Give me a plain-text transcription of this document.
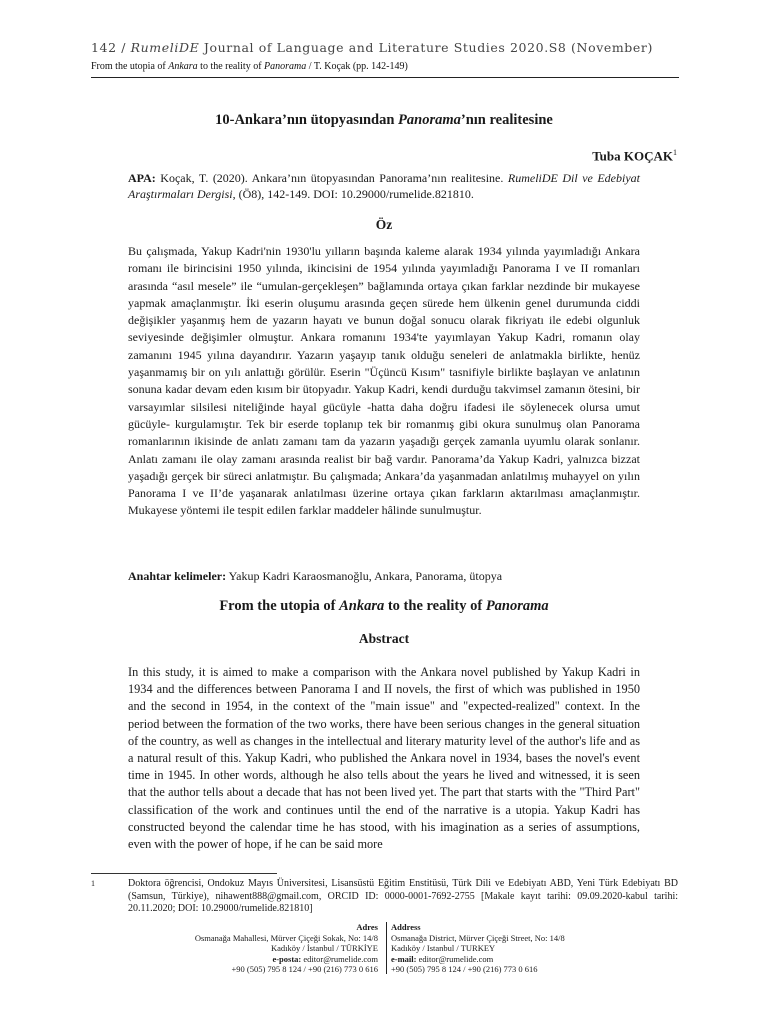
142 / RumeliDE Journal of Language and Literature Studies 2020.S8 (November)
From the utopia of Ankara to the reality of Panorama / T. Koçak (pp. 142-149)
10-Ankara’nın ütopyasından Panorama’nın realitesine
Tuba KOÇAK$^1$
APA: Koçak, T. (2020). Ankara’nın ütopyasından Panorama’nın realitesine. RumeliDE Dil ve Edebiyat Araştırmaları Dergisi, (Ö8), 142-149. DOI: 10.29000/rumelide.821810.
Öz

Bu çalışmada, Yakup Kadri'nin 1930'lu yılların başında kaleme alarak 1934 yılında yayımladığı Ankara romanı ile birincisini 1950 yılında, ikincisini de 1954 yılında yayımladığı Panorama I ve II romanları arasında “asıl mesele” ile “umulan-gerçekleşen” bağlamında ortaya çıkan farklar nezdinde bir mukayese yapmak amaçlanmıştır. İki eserin oluşumu arasında geçen sürede hem ülkenin genel durumunda ciddi değişikler yaşanmış hem de yazarın hayatı ve bunun doğal sonucu olarak fikriyatı ile edebi olgunluk seviyesinde değişimler olmuştur. Ankara romanını 1934'te yayımlayan Yakup Kadri, romanın olay zamanını 1945 yılına dayandırır. Yazarın yaşayıp tanık olduğu seneleri de anlatmakla birlikte, henüz yaşanmamış bir on yılı anlattığı görülür. Eserin "Üçüncü Kısım" tasnifiyle birlikte başlayan ve anlatının sonuna kadar devam eden kısım bir ütopyadır. Yakup Kadri, kendi durduğu takvimsel zamanın ötesini, bir varsayımlar silsilesi niteliğinde hayal gücüyle -hatta daha doğru ifadesi ile söylenecek olursa umut gücüyle- kurgulamıştır. Tek bir eserde toplanıp tek bir romanmış gibi okura sunulmuş olan Panorama romanlarının ikisinde de anlatı zamanı tam da yazarın yaşadığı gerçek zamanla uyumlu olarak sonlanır. Anlatı zamanı ile olay zamanı arasında realist bir bağ vardır. Panorama’da Yakup Kadri, yalnızca bizzat yaşadığı gerçek bir süreci anlatmıştır. Bu çalışmada; Ankara’da yaşanmadan anlatılmış muhayyel on yılın Panorama I ve II’de yaşanarak anlatılması üzerine ortaya çıkan farkların aktarılması amaçlanmıştır. Mukayese yöntemi ile tespit edilen farklar maddeler hâlinde sunulmuştur.

Anahtar kelimeler: Yakup Kadri Karaosmanoğlu, Ankara, Panorama, ütopya
From the utopia of Ankara to the reality of Panorama
Abstract

In this study, it is aimed to make a comparison with the Ankara novel published by Yakup Kadri in 1934 and the differences between Panorama I and II novels, the first of which was published in 1950 and the second in 1954, in the context of the "main issue" and "expected-realized" context. In the period between the formation of the two works, there have been serious changes in the general situation of the country, as well as changes in the intellectual and literary maturity level of the author's life and as a natural result of this. Yakup Kadri, who published the Ankara novel in 1934, bases the novel's event time in 1945. In other words, although he also tells about the years he lived and witnessed, it is seen that the author tells about a decade that has not been lived yet. The part that starts with the "Third Part" classification of the work and continues until the end of the narrative is a utopia. Yakup Kadri has constructed beyond the calendar time he has stood, with his imagination as a series of assumptions, even with the power of hope, if he can be said more

1	Doktora öğrencisi, Ondokuz Mayıs Üniversitesi, Lisansüstü Eğitim Enstitüsü, Türk Dili ve Edebiyatı ABD, Yeni Türk Edebiyatı BD (Samsun, Türkiye), nihawent888@gmail.com, ORCID ID: 0000-0001-7692-2755 [Makale kayıt tarihi: 09.09.2020-kabul tarihi: 20.11.2020; DOI: 10.29000/rumelide.821810]
Adres
Osmanağa Mahallesi, Mürver Çiçeği Sokak, No: 14/8
Kadıköy / İstanbul / TÜRKİYE
e-posta: editor@rumelide.com
+90 (505) 795 8 124 / +90 (216) 773 0 616
Address
Osmanağa District, Mürver Çiçeği Street, No: 14/8
Kadıköy / Istanbul / TURKEY
e-mail: editor@rumelide.com
+90 (505) 795 8 124 / +90 (216) 773 0 616
